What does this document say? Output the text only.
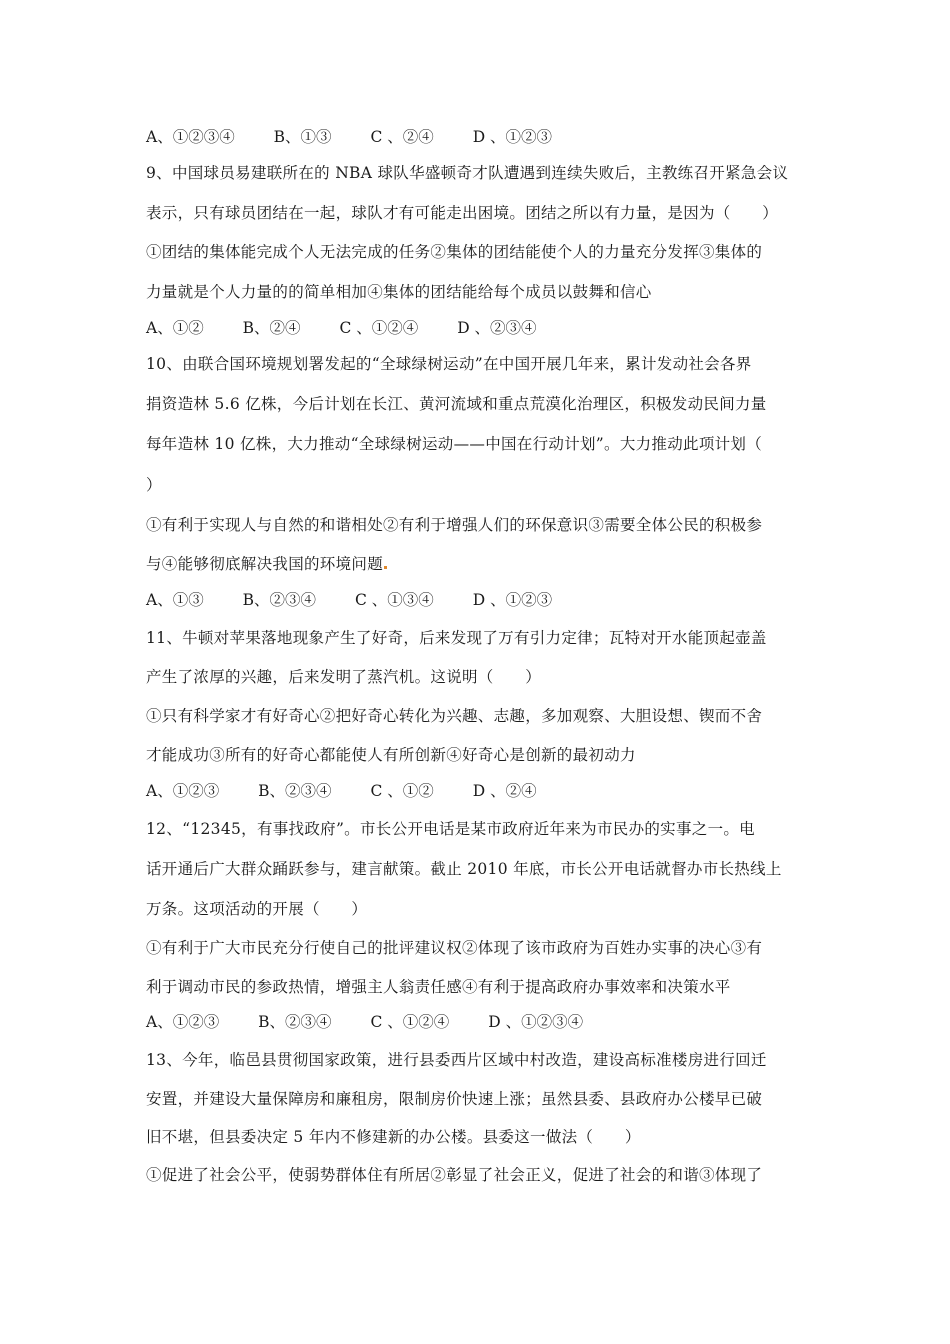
A、①②③④	B、①③	C 、②④	D 、①②③
9、中国球员易建联所在的 NBA 球队华盛顿奇才队遭遇到连续失败后，主教练召开紧急会议
表示，只有球员团结在一起，球队才有可能走出困境。团结之所以有力量，是因为（　　）
①团结的集体能完成个人无法完成的任务②集体的团结能使个人的力量充分发挥③集体的
力量就是个人力量的的简单相加④集体的团结能给每个成员以鼓舞和信心
A、①②	B、②④	C 、①②④	D 、②③④
10、由联合国环境规划署发起的“全球绿树运动”在中国开展几年来，累计发动社会各界
捐资造林 5.6 亿株，今后计划在长江、黄河流域和重点荒漠化治理区，积极发动民间力量
每年造林 10 亿株，大力推动“全球绿树运动——中国在行动计划”。大力推动此项计划（
）
①有利于实现人与自然的和谐相处②有利于增强人们的环保意识③需要全体公民的积极参
与④能够彻底解决我国的环境问题
A、①③	B、②③④	C 、①③④	D 、①②③
11、牛顿对苹果落地现象产生了好奇，后来发现了万有引力定律；瓦特对开水能顶起壶盖
产生了浓厚的兴趣，后来发明了蒸汽机。这说明（　　）
①只有科学家才有好奇心②把好奇心转化为兴趣、志趣，多加观察、大胆设想、锲而不舍
才能成功③所有的好奇心都能使人有所创新④好奇心是创新的最初动力
A、①②③	B、②③④	C 、①②	D 、②④
12、“12345，有事找政府”。市长公开电话是某市政府近年来为市民办的实事之一。电
话开通后广大群众踊跃参与，建言献策。截止 2010 年底，市长公开电话就督办市长热线上
万条。这项活动的开展（　　）
①有利于广大市民充分行使自己的批评建议权②体现了该市政府为百姓办实事的决心③有
利于调动市民的参政热情，增强主人翁责任感④有利于提高政府办事效率和决策水平
A、①②③	B、②③④	C 、①②④	D 、①②③④
13、今年，临邑县贯彻国家政策，进行县委西片区域中村改造，建设高标准楼房进行回迁
安置，并建设大量保障房和廉租房，限制房价快速上涨；虽然县委、县政府办公楼早已破
旧不堪，但县委决定 5 年内不修建新的办公楼。县委这一做法（　　）
①促进了社会公平，使弱势群体住有所居②彰显了社会正义，促进了社会的和谐③体现了
